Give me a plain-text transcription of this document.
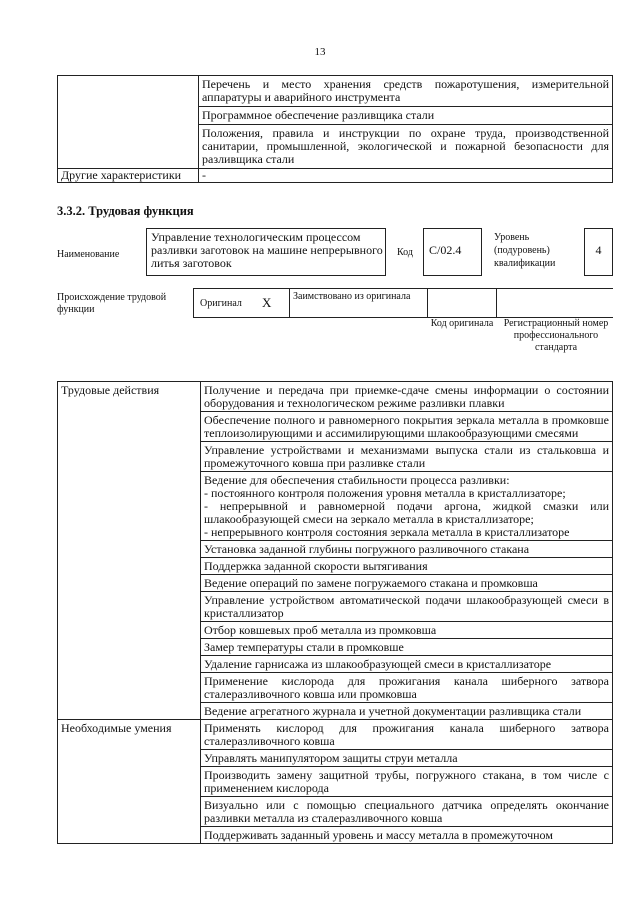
13
	Перечень и место хранения средств пожаротушения, измерительной аппаратуры и аварийного инструмента
	Программное обеспечение разливщика стали
	Положения, правила и инструкции по охране труда, производственной санитарии, промышленной, экологической и пожарной безопасности для разливщика стали
Другие характеристики	-
3.3.2. Трудовая функция
Наименование
Управление технологическим процессом разливки заготовок на машине непрерывного литья заготовок
Код	C/02.4
Уровень (подуровень) квалификации
4
Происхождение трудовой функции
Оригинал X Заимствовано из оригинала
Код оригинала	Регистрационный номер профессионального стандарта
Трудовые действия	Получение и передача при приемке-сдаче смены информации о состоянии оборудования и технологическом режиме разливки плавки
	Обеспечение полного и равномерного покрытия зеркала металла в промковше теплоизолирующими и ассимилирующими шлакообразующими смесями
	Управление устройствами и механизмами выпуска стали из стальковша и промежуточного ковша при разливке стали
	Ведение для обеспечения стабильности процесса разливки:
- постоянного контроля положения уровня металла в кристаллизаторе;
- непрерывной и равномерной подачи аргона, жидкой смазки или шлакообразующей смеси на зеркало металла в кристаллизаторе;
- непрерывного контроля состояния зеркала металла в кристаллизаторе
	Установка заданной глубины погружного разливочного стакана
	Поддержка заданной скорости вытягивания
	Ведение операций по замене погружаемого стакана и промковша
	Управление устройством автоматической подачи шлакообразующей смеси в кристаллизатор
	Отбор ковшевых проб металла из промковша
	Замер температуры стали в промковше
	Удаление гарнисажа из шлакообразующей смеси в кристаллизаторе
	Применение кислорода для прожигания канала шиберного затвора сталеразливочного ковша или промковша
	Ведение агрегатного журнала и учетной документации разливщика стали
Необходимые умения	Применять кислород для прожигания канала шиберного затвора сталеразливочного ковша
	Управлять манипулятором защиты струи металла
	Производить замену защитной трубы, погружного стакана, в том числе с применением кислорода
	Визуально или с помощью специального датчика определять окончание разливки металла из сталеразливочного ковша
	Поддерживать заданный уровень и массу металла в промежуточном
